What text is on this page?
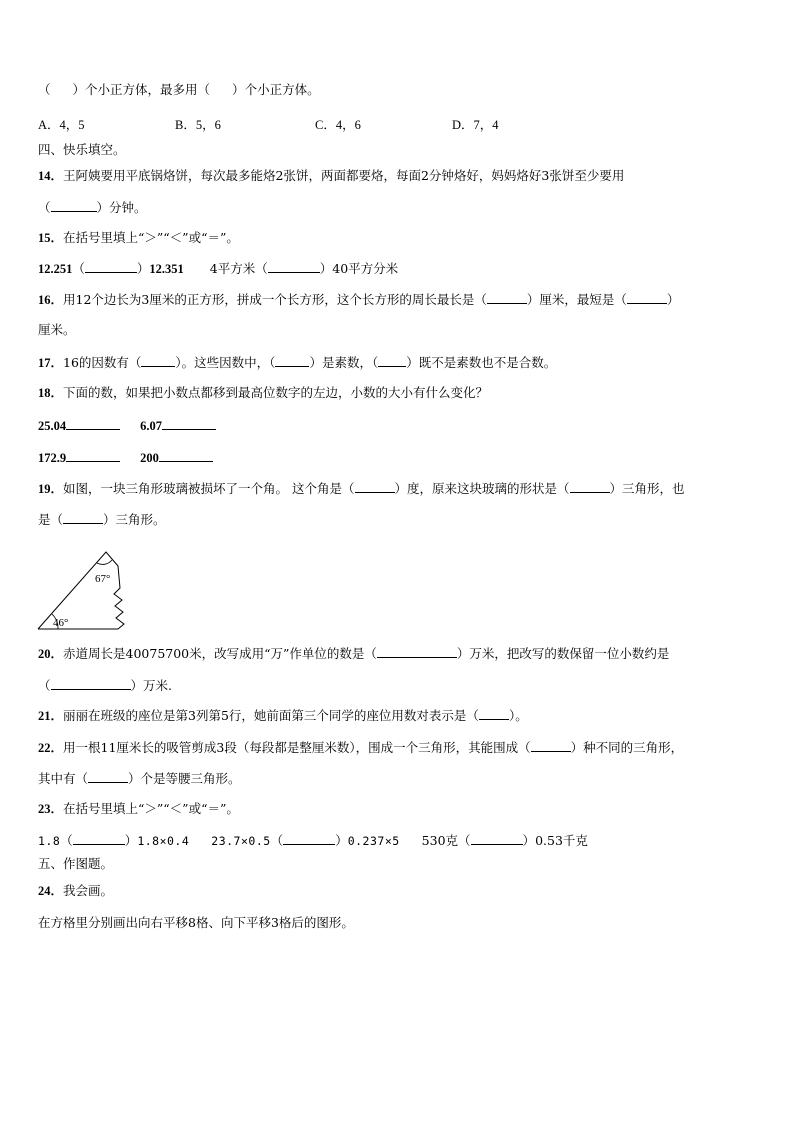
（ ）个小正方体，最多用（ ）个小正方体。
A．4，5	B．5，6	C．4，6	D．7，4
四、快乐填空。
14．王阿姨要用平底锅烙饼，每次最多能烙2张饼，两面都要烙，每面2分钟烙好，妈妈烙好3张饼至少要用
（	）分钟。
15．在括号里填上“＞”“＜”或“＝”。
12.251（	）12.351 4平方米（	）40平方分米
16．用12个边长为3厘米的正方形，拼成一个长方形，这个长方形的周长最长是（	）厘米，最短是（	）
厘米。
17．16的因数有（	）。这些因数中，（	）是素数，（ ）既不是素数也不是合数。
18．下面的数，如果把小数点都移到最高位数字的左边，小数的大小有什么变化？
25.04	6.07
172.9	200
19．如图，一块三角形玻璃被损坏了一个角。 这个角是（	）度，原来这块玻璃的形状是（	）三角形，也
是（	）三角形。
67°
46°
20．赤道周长是40075700米，改写成用“万”作单位的数是（	）万米，把改写的数保留一位小数约是
（	）万米.
21．丽丽在班级的座位是第3列第5行，她前面第三个同学的座位用数对表示是（ ）。
22．用一根11厘米长的吸管剪成3段（每段都是整厘米数），围成一个三角形，其能围成（	）种不同的三角形，
其中有（	）个是等腰三角形。
23．在括号里填上“＞”“＜”或“＝”。
1.8（	）1.8×0.4 23.7×0.5（	）0.237×5 530克（	）0.53千克
五、作图题。
24．我会画。
在方格里分别画出向右平移8格、向下平移3格后的图形。
